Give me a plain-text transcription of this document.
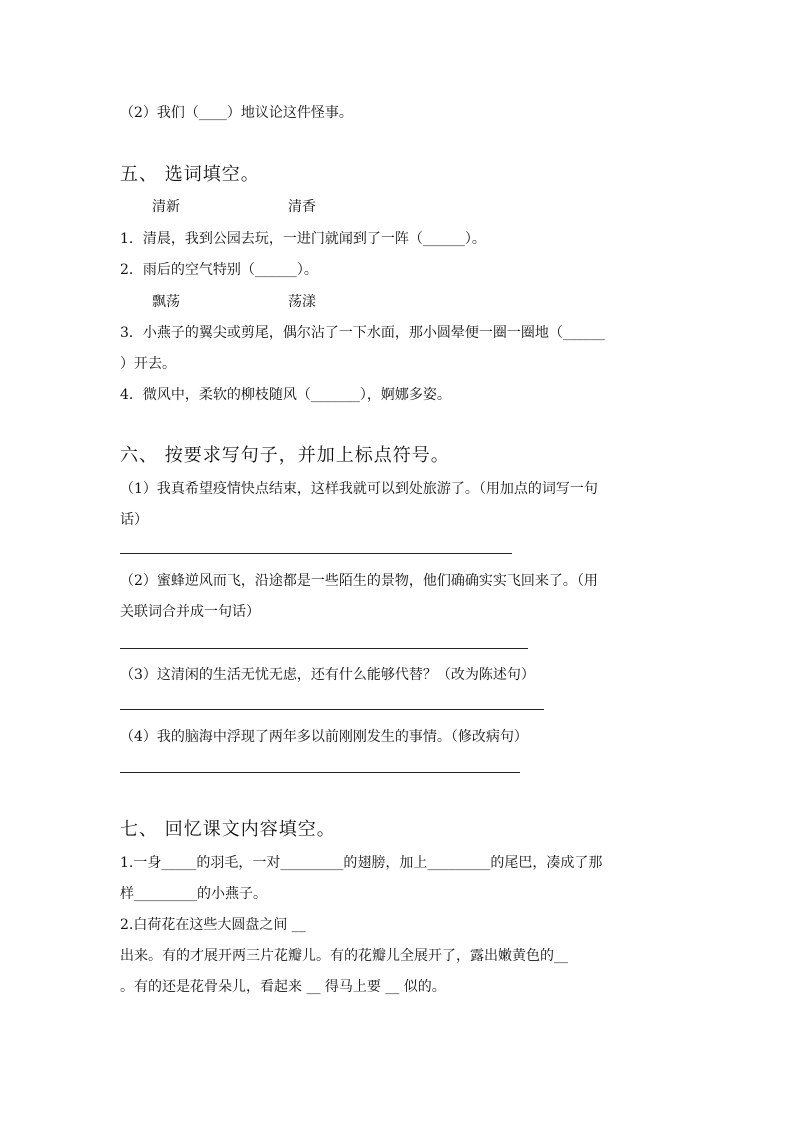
（2）我们（____）地议论这件怪事。
五、 选词填空。
清新	清香
1．清晨，我到公园去玩，一进门就闻到了一阵（______）。
2．雨后的空气特别（______）。
飘荡	荡漾
3．小燕子的翼尖或剪尾，偶尔沾了一下水面，那小圆晕便一圈一圈地（______
）开去。
4．微风中，柔软的柳枝随风（_______），婀娜多姿。
六、 按要求写句子，并加上标点符号。
（1）我真希望疫情快点结束，这样我就可以到处旅游了。（用加点的词写一句
话）
（2）蜜蜂逆风而飞，沿途都是一些陌生的景物，他们确确实实飞回来了。（用
关联词合并成一句话）
（3）这清闲的生活无忧无虑，还有什么能够代替？（改为陈述句）
（4）我的脑海中浮现了两年多以前刚刚发生的事情。（修改病句）
七、 回忆课文内容填空。
1.一身_____的羽毛，一对_________的翅膀，加上_________的尾巴，凑成了那
样_________的小燕子。
2.白荷花在这些大圆盘之间 __
出来。有的才展开两三片花瓣儿。有的花瓣儿全展开了，露出嫩黄色的__
。有的还是花骨朵儿，看起来 __ 得马上要 __ 似的。
